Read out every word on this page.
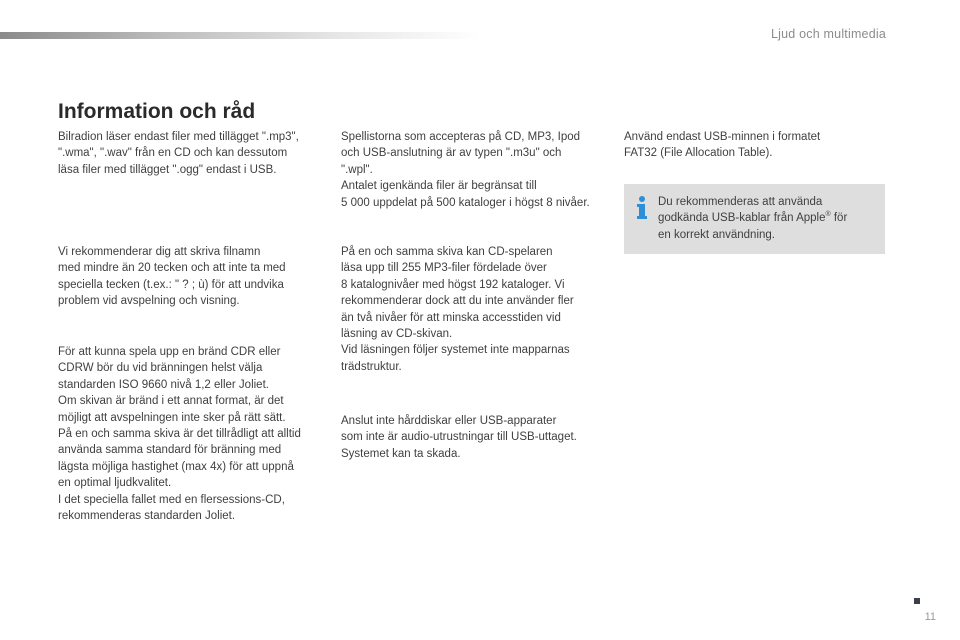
Ljud och multimedia
Information och råd

Bilradion läser endast filer med tillägget ".mp3",
".wma", ".wav" från en CD och kan dessutom
läsa filer med tillägget ".ogg" endast i USB.

Vi rekommenderar dig att skriva filnamn
med mindre än 20 tecken och att inte ta med
speciella tecken (t.ex.: " ? ; ù) för att undvika
problem vid avspelning och visning.

För att kunna spela upp en bränd CDR eller
CDRW bör du vid bränningen helst välja
standarden ISO 9660 nivå 1,2 eller Joliet.
Om skivan är bränd i ett annat format, är det
möjligt att avspelningen inte sker på rätt sätt.
På en och samma skiva är det tillrådligt att alltid
använda samma standard för bränning med
lägsta möjliga hastighet (max 4x) för att uppnå
en optimal ljudkvalitet.
I det speciella fallet med en flersessions-CD,
rekommenderas standarden Joliet.

Spellistorna som accepteras på CD, MP3, Ipod
och USB-anslutning är av typen ".m3u" och
".wpl".
Antalet igenkända filer är begränsat till
5 000 uppdelat på 500 kataloger i högst 8 nivåer.

På en och samma skiva kan CD-spelaren
läsa upp till 255 MP3-filer fördelade över
8 katalognivåer med högst 192 kataloger. Vi
rekommenderar dock att du inte använder fler
än två nivåer för att minska accesstiden vid
läsning av CD-skivan.
Vid läsningen följer systemet inte mapparnas
trädstruktur.

Anslut inte hårddiskar eller USB-apparater
som inte är audio-utrustningar till USB-uttaget.
Systemet kan ta skada.

Använd endast USB-minnen i formatet
FAT32 (File Allocation Table).

Du rekommenderas att använda
godkända USB-kablar från Apple® för
en korrekt användning.

11
